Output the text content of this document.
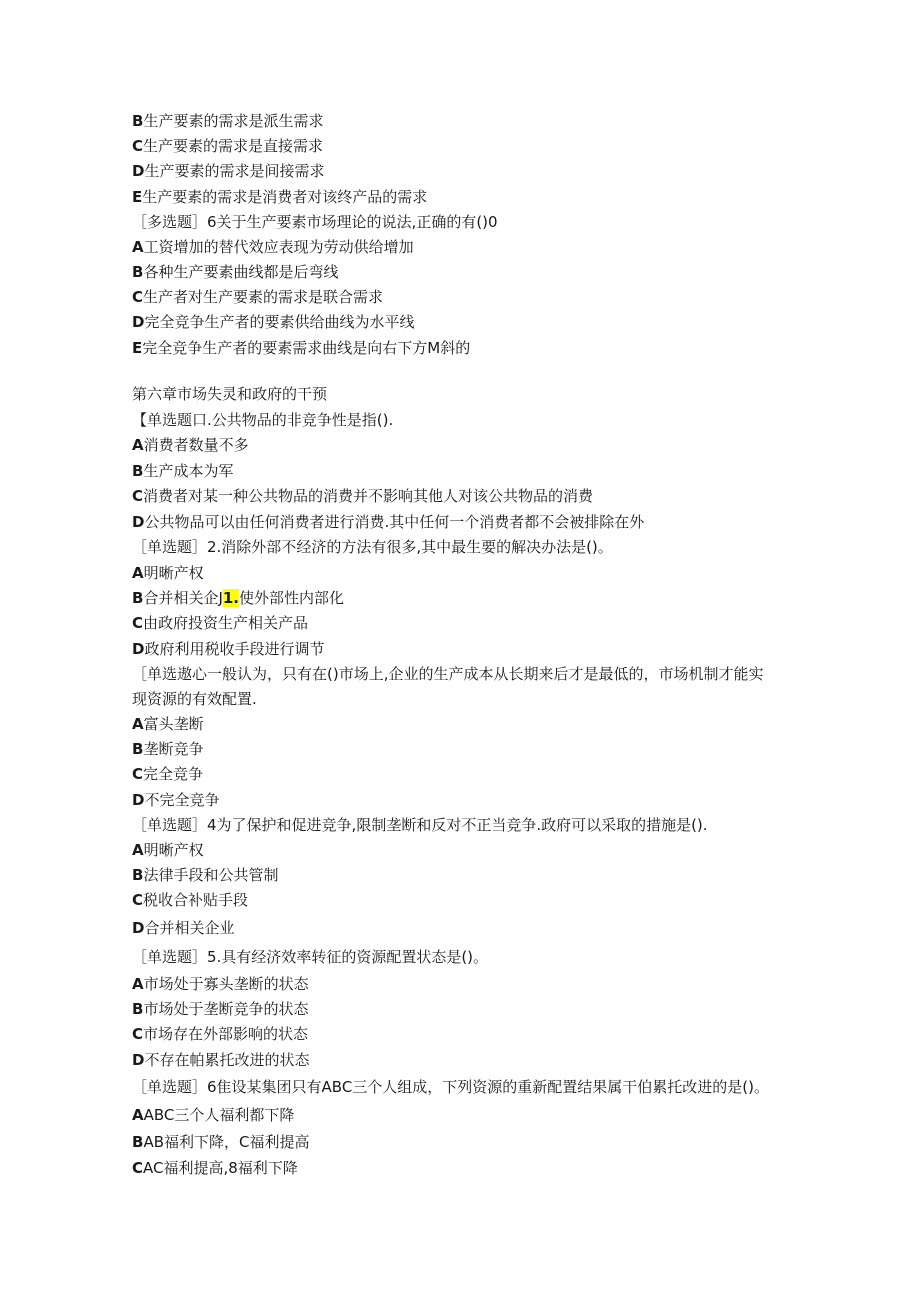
B生产要素的需求是派生需求
C生产要素的需求是直接需求
D生产要素的需求是间接需求
E生产要素的需求是消费者对该终产品的需求
［多选题］6关于生产要素市场理论的说法,正确的有()0
A工资增加的替代效应表现为劳动供给增加
B各种生产要素曲线都是后弯线
C生产者对生产要素的需求是联合需求
D完全竞争生产者的要素供给曲线为水平线
E完全竞争生产者的要素需求曲线是向右下方M斜的
第六章市场失灵和政府的干预
【单选题口.公共物品的非竞争性是指().
A消费者数量不多
B生产成本为军
C消费者对某一种公共物品的消费并不影响其他人对该公共物品的消费
D公共物品可以由任何消费者进行消费.其中任何一个消费者都不会被排除在外
［单选题］2.消除外部不经济的方法有很多,其中最生要的解决办法是()。
A明晰产权
B合并相关企J1.使外部性内部化
C由政府投资生产相关产品
D政府利用税收手段进行调节
［单选遨心一般认为，只有在()市场上,企业的生产成本从长期来后才是最低的，市场机制才能实
现资源的有效配置.
A富头垄断
B垄断竞争
C完全竞争
D不完全竞争
［单选题］4为了保护和促进竞争,限制垄断和反对不正当竞争.政府可以采取的措施是().
A明晰产权
B法律手段和公共管制
C税收合补贴手段
D合并相关企业
［单选题］5.具有经济效率转征的资源配置状态是()。
A市场处于寡头垄断的状态
B市场处于垄断竞争的状态
C市场存在外部影响的状态
D不存在帕累托改进的状态
［单选题］6隹设某集团只有ABC三个人组成，下列资源的重新配置结果属干伯累托改进的是()。
AABC三个人福利都下降
BAB福利下降，C福利提高
CAC福利提高,8福利下降
